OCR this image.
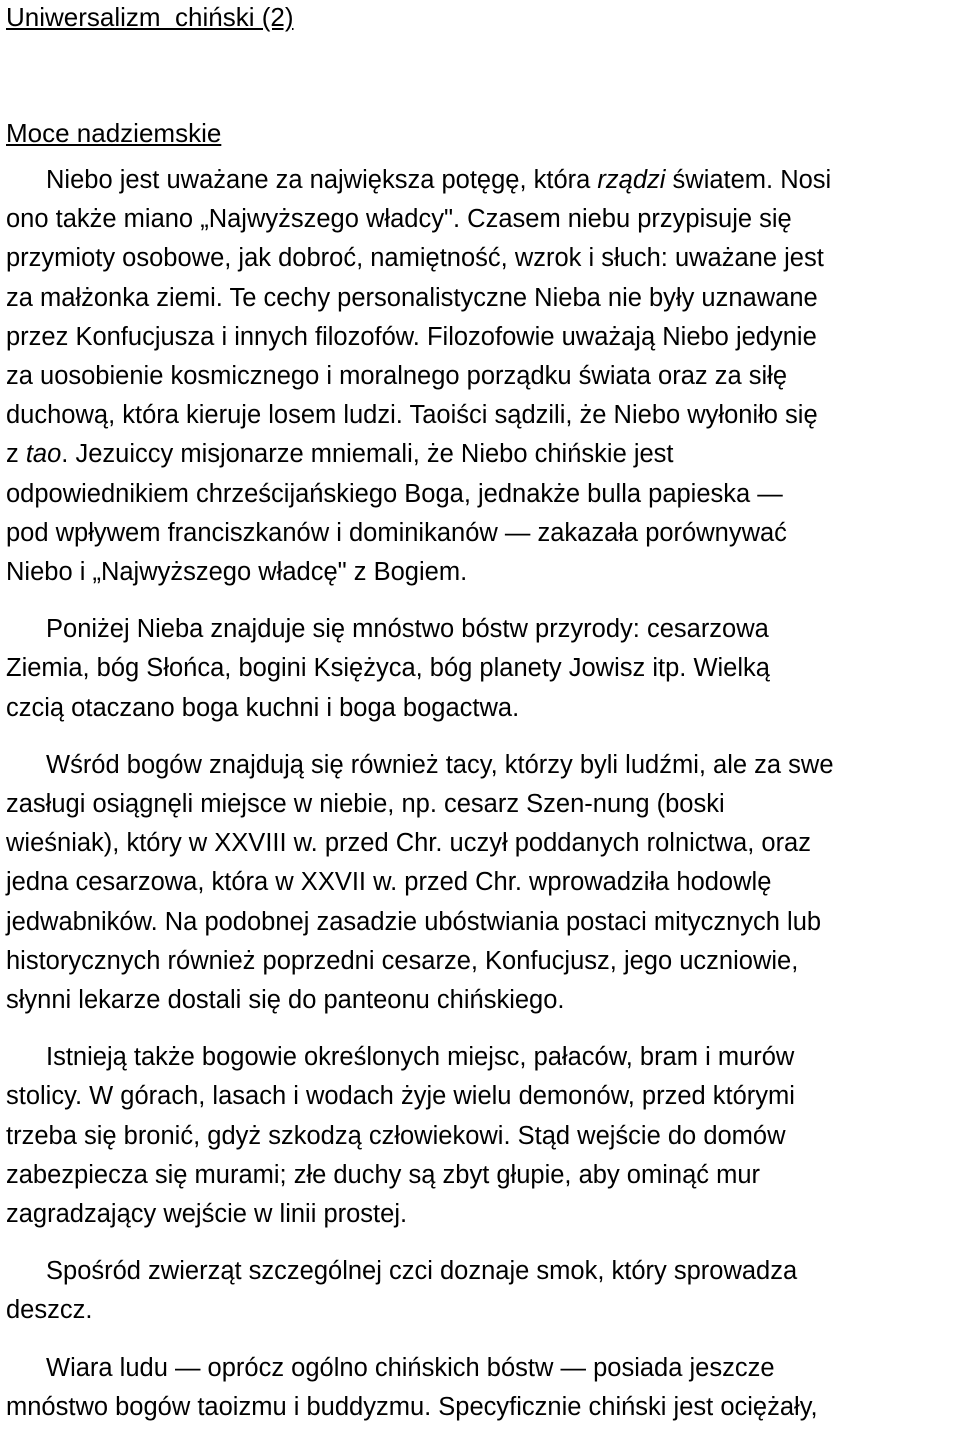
Uniwersalizm  chiński (2)
Moce nadziemskie

Niebo jest uważane za największa potęgę, która rządzi światem. Nosi
ono także miano „Najwyższego władcy". Czasem niebu przypisuje się
przymioty osobowe, jak dobroć, namiętność, wzrok i słuch: uważane jest
za małżonka ziemi. Te cechy personalistyczne Nieba nie były uznawane
przez Konfucjusza i innych filozofów. Filozofowie uważają Niebo jedynie
za uosobienie kosmicznego i moralnego porządku świata oraz za siłę
duchową, która kieruje losem ludzi. Taoiści sądzili, że Niebo wyłoniło się
z tao. Jezuiccy misjonarze mniemali, że Niebo chińskie jest
odpowiednikiem chrześcijańskiego Boga, jednakże bulla papieska —
pod wpływem franciszkanów i dominikanów — zakazała porównywać
Niebo i „Najwyższego władcę" z Bogiem.

Poniżej Nieba znajduje się mnóstwo bóstw przyrody: cesarzowa
Ziemia, bóg Słońca, bogini Księżyca, bóg planety Jowisz itp. Wielką
czcią otaczano boga kuchni i boga bogactwa.

Wśród bogów znajdują się również tacy, którzy byli ludźmi, ale za swe
zasługi osiągnęli miejsce w niebie, np. cesarz Szen-nung (boski
wieśniak), który w XXVIII w. przed Chr. uczył poddanych rolnictwa, oraz
jedna cesarzowa, która w XXVII w. przed Chr. wprowadziła hodowlę
jedwabników. Na podobnej zasadzie ubóstwiania postaci mitycznych lub
historycznych również poprzedni cesarze, Konfucjusz, jego uczniowie,
słynni lekarze dostali się do panteonu chińskiego.

Istnieją także bogowie określonych miejsc, pałaców, bram i murów
stolicy. W górach, lasach i wodach żyje wielu demonów, przed którymi
trzeba się bronić, gdyż szkodzą człowiekowi. Stąd wejście do domów
zabezpiecza się murami; złe duchy są zbyt głupie, aby ominąć mur
zagradzający wejście w linii prostej.

Spośród zwierząt szczególnej czci doznaje smok, który sprowadza
deszcz.

Wiara ludu — oprócz ogólno chińskich bóstw — posiada jeszcze
mnóstwo bogów taoizmu i buddyzmu. Specyficznie chiński jest ociężały,
